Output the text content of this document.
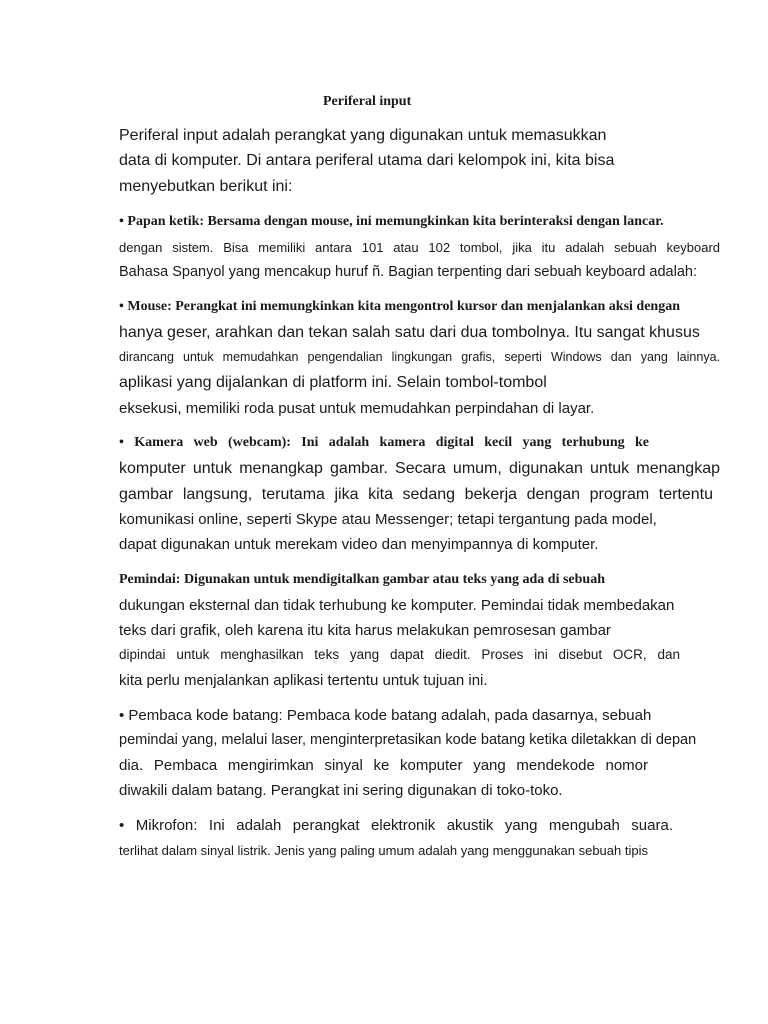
Periferal input

Periferal input adalah perangkat yang digunakan untuk memasukkan

data di komputer. Di antara periferal utama dari kelompok ini, kita bisa

menyebutkan berikut ini:

• Papan ketik: Bersama dengan mouse, ini memungkinkan kita berinteraksi dengan lancar.

dengan sistem. Bisa memiliki antara 101 atau 102 tombol, jika itu adalah sebuah keyboard

Bahasa Spanyol yang mencakup huruf ñ. Bagian terpenting dari sebuah keyboard adalah:

• Mouse: Perangkat ini memungkinkan kita mengontrol kursor dan menjalankan aksi dengan

hanya geser, arahkan dan tekan salah satu dari dua tombolnya. Itu sangat khusus

dirancang untuk memudahkan pengendalian lingkungan grafis, seperti Windows dan yang lainnya.

aplikasi yang dijalankan di platform ini. Selain tombol-tombol

eksekusi, memiliki roda pusat untuk memudahkan perpindahan di layar.

• Kamera web (webcam): Ini adalah kamera digital kecil yang terhubung ke

komputer untuk menangkap gambar. Secara umum, digunakan untuk menangkap

gambar langsung, terutama jika kita sedang bekerja dengan program tertentu

komunikasi online, seperti Skype atau Messenger; tetapi tergantung pada model,

dapat digunakan untuk merekam video dan menyimpannya di komputer.

Pemindai: Digunakan untuk mendigitalkan gambar atau teks yang ada di sebuah

dukungan eksternal dan tidak terhubung ke komputer. Pemindai tidak membedakan

teks dari grafik, oleh karena itu kita harus melakukan pemrosesan gambar

dipindai untuk menghasilkan teks yang dapat diedit. Proses ini disebut OCR, dan

kita perlu menjalankan aplikasi tertentu untuk tujuan ini.

• Pembaca kode batang: Pembaca kode batang adalah, pada dasarnya, sebuah

pemindai yang, melalui laser, menginterpretasikan kode batang ketika diletakkan di depan

dia. Pembaca mengirimkan sinyal ke komputer yang mendekode nomor

diwakili dalam batang. Perangkat ini sering digunakan di toko-toko.

• Mikrofon: Ini adalah perangkat elektronik akustik yang mengubah suara.

terlihat dalam sinyal listrik. Jenis yang paling umum adalah yang menggunakan sebuah tipis
